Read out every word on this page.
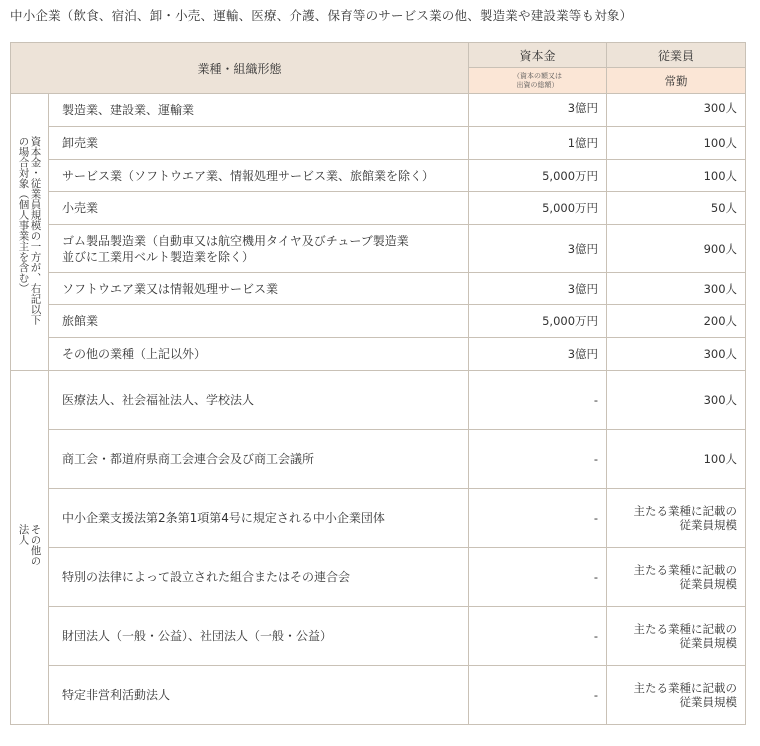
中小企業（飲食、宿泊、卸・小売、運輸、医療、介護、保育等のサービス業の他、製造業や建設業等も対象）
業種・組織形態		資本金	従業員

		（資本の額又は
出資の総額）	常勤
資本金・従業員規模の一方が、右記以下の場合対象（個人事業主を含む）	製造業、建設業、運輸業	3億円	300人
	卸売業	1億円	100人
	サービス業（ソフトウエア業、情報処理サービス業、旅館業を除く）	5,000万円	100人
	小売業	5,000万円	50人

	ゴム製品製造業（自動車又は航空機用タイヤ及びチューブ製造業
並びに工業用ベルト製造業を除く）	3億円	900人
	ソフトウエア業又は情報処理サービス業	3億円	300人
	旅館業	5,000万円	200人
	その他の業種（上記以外）	3億円	300人
その他の法人	医療法人、社会福祉法人、学校法人	-	300人
	商工会・都道府県商工会連合会及び商工会議所	-	100人
	中小企業支援法第2条第1項第4号に規定される中小企業団体	-	主たる業種に記載の
従業員規模

	特別の法律によって設立された組合またはその連合会	-	主たる業種に記載の
従業員規模

	財団法人（一般・公益）、社団法人（一般・公益）	-	主たる業種に記載の
従業員規模

	特定非営利活動法人	-	主たる業種に記載の
従業員規模
